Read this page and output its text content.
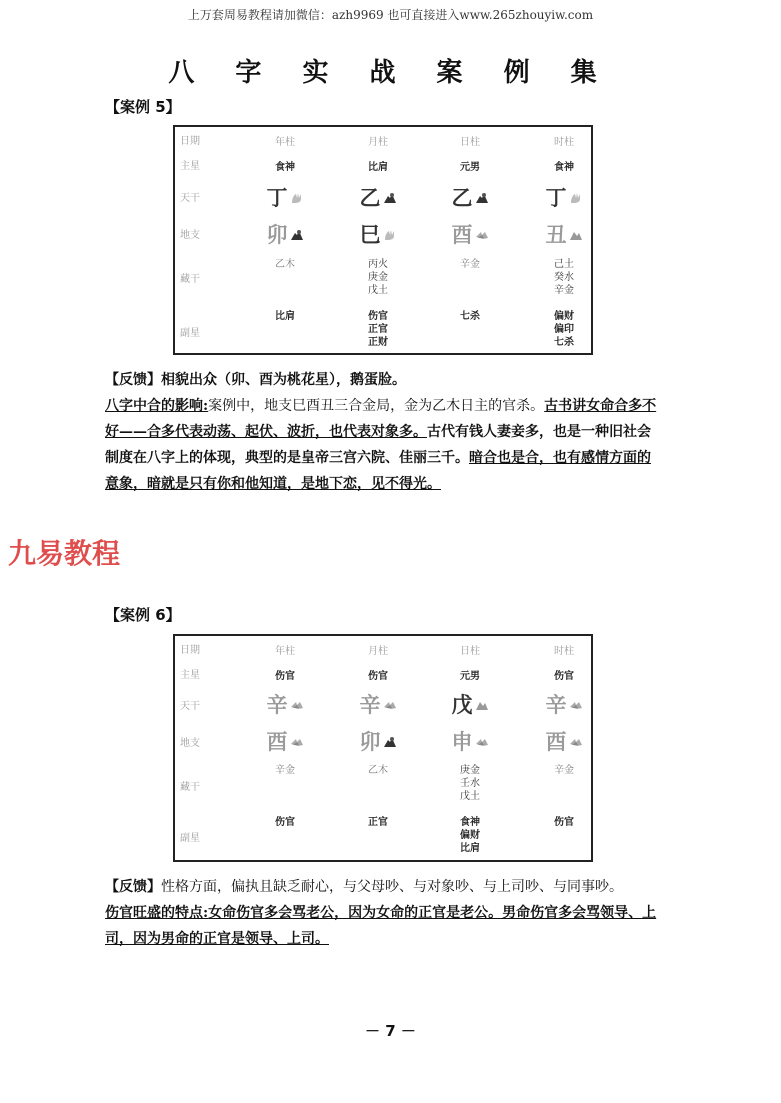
上万套周易教程请加微信：azh9969 也可直接进入www.265zhouyiw.com
八 字 实 战 案 例 集
【案例 5】
日期
主星
天干
地支
藏干
副星
年柱
食神
丁
卯
乙木
比肩
月柱
比肩
乙
巳
丙火
庚金
戊土
伤官
正官
正财
日柱
元男
乙
酉
辛金
七杀
时柱
食神
丁
丑
己土
癸水
辛金
偏财
偏印
七杀
【反馈】相貌出众（卯、酉为桃花星），鹅蛋脸。
八字中合的影响:案例中，地支巳酉丑三合金局，金为乙木日主的官杀。古书讲女命合多不好——合多代表动荡、起伏、波折，也代表对象多。古代有钱人妻妾多，也是一种旧社会制度在八字上的体现，典型的是皇帝三宫六院、佳丽三千。暗合也是合，也有感情方面的意象，暗就是只有你和他知道，是地下恋，见不得光。
九易教程
【案例 6】
日期
主星
天干
地支
藏干
副星
年柱
伤官
辛
酉
辛金
伤官
月柱
伤官
辛
卯
乙木
正官
日柱
元男
戊
申
庚金
壬水
戊土
食神
偏财
比肩
时柱
伤官
辛
酉
辛金
伤官
【反馈】性格方面，偏执且缺乏耐心，与父母吵、与对象吵、与上司吵、与同事吵。
伤官旺盛的特点:女命伤官多会骂老公，因为女命的正官是老公。男命伤官多会骂领导、上司，因为男命的正官是领导、上司。
－ 7 －
